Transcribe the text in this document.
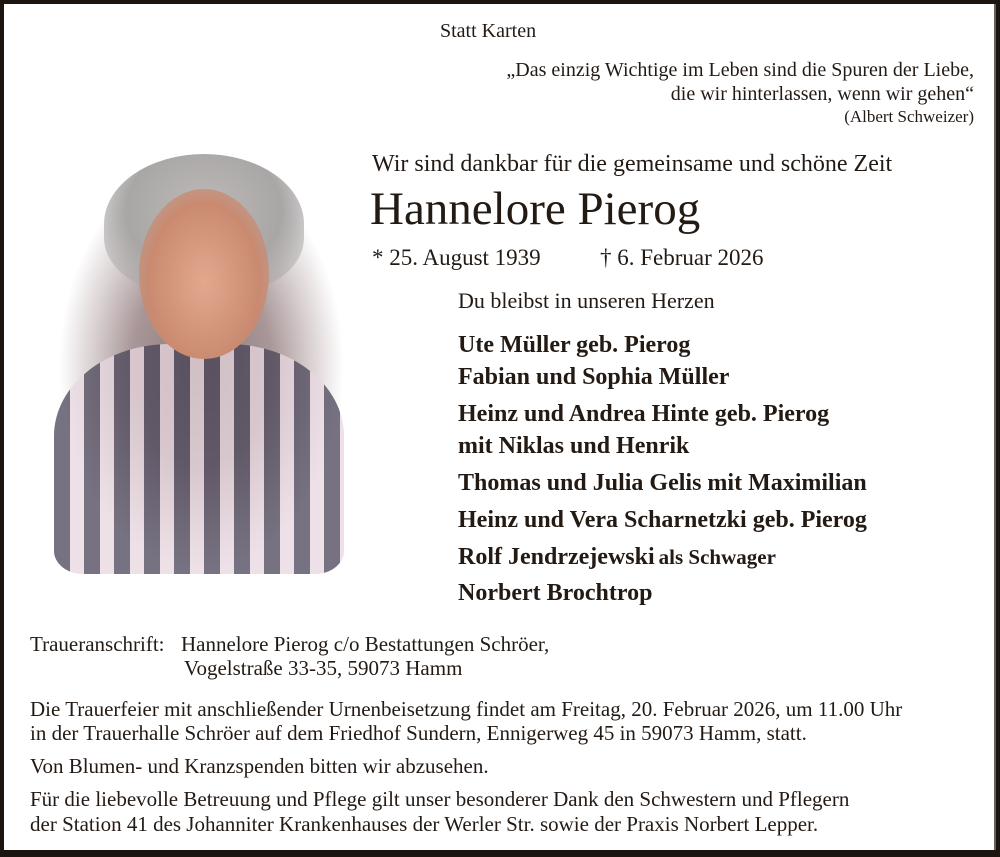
Statt Karten
„Das einzig Wichtige im Leben sind die Spuren der Liebe,
die wir hinterlassen, wenn wir gehen“
(Albert Schweizer)
Wir sind dankbar für die gemeinsame und schöne Zeit
Hannelore Pierog
* 25. August 1939	† 6. Februar 2026
Du bleibst in unseren Herzen
Ute Müller geb. Pierog
Fabian und Sophia Müller
Heinz und Andrea Hinte geb. Pierog
mit Niklas und Henrik
Thomas und Julia Gelis mit Maximilian
Heinz und Vera Scharnetzki geb. Pierog
Rolf Jendrzejewski als Schwager
Norbert Brochtrop
Traueranschrift: Hannelore Pierog c/o Bestattungen Schröer,
Vogelstraße 33-35, 59073 Hamm
Die Trauerfeier mit anschließender Urnenbeisetzung findet am Freitag, 20. Februar 2026, um 11.00 Uhr
in der Trauerhalle Schröer auf dem Friedhof Sundern, Ennigerweg 45 in 59073 Hamm, statt.
Von Blumen- und Kranzspenden bitten wir abzusehen.
Für die liebevolle Betreuung und Pflege gilt unser besonderer Dank den Schwestern und Pflegern
der Station 41 des Johanniter Krankenhauses der Werler Str. sowie der Praxis Norbert Lepper.
